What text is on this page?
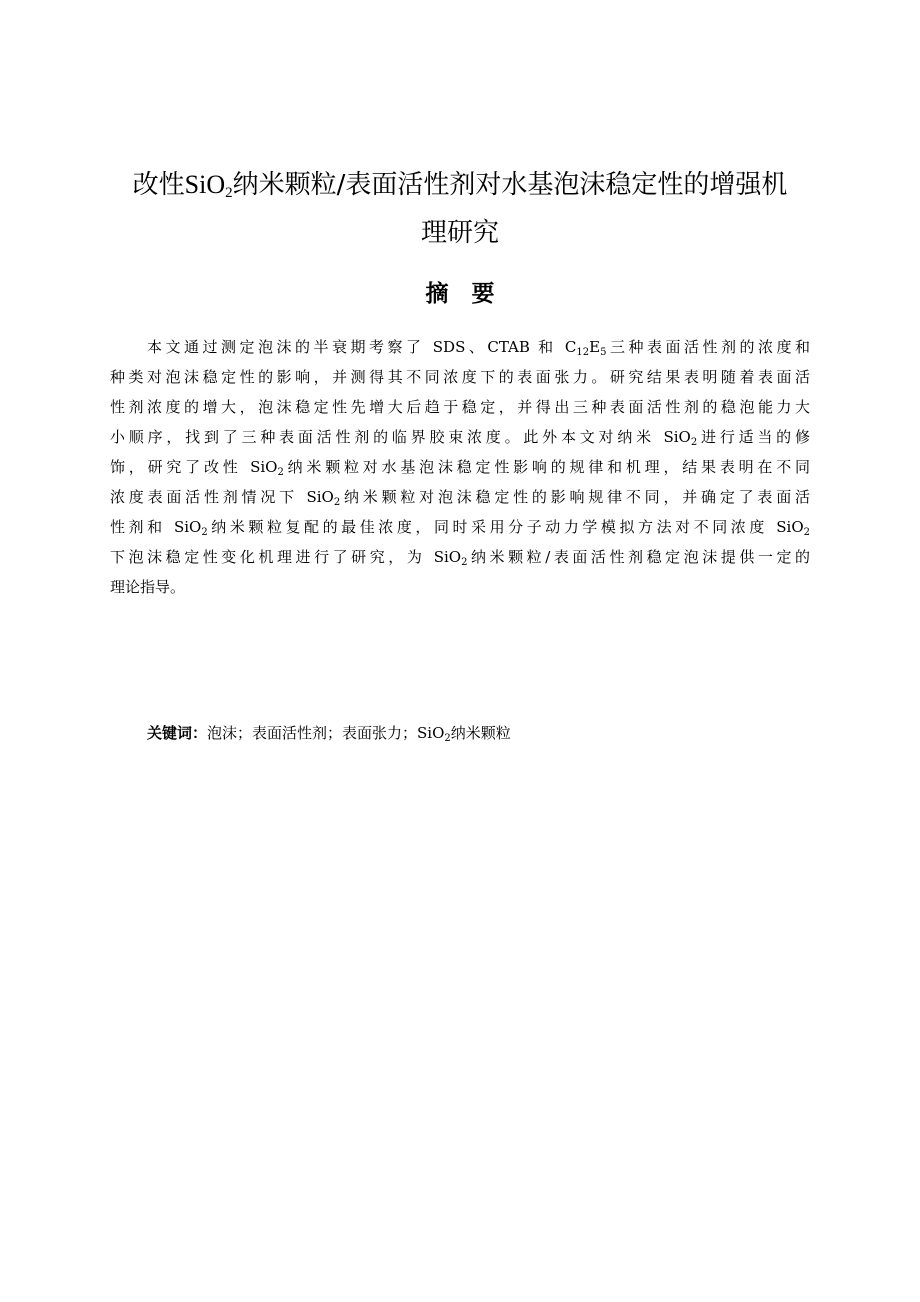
改性SiO$_2$纳米颗粒/表面活性剂对水基泡沫稳定性的增强机
理研究
摘　要
本文通过测定泡沫的半衰期考察了 SDS、CTAB 和 $C_{12}E_5$三种表面活性剂的浓度和
种类对泡沫稳定性的影响，并测得其不同浓度下的表面张力。研究结果表明随着表面活
性剂浓度的增大，泡沫稳定性先增大后趋于稳定，并得出三种表面活性剂的稳泡能力大
小顺序，找到了三种表面活性剂的临界胶束浓度。此外本文对纳米 SiO$_2$进行适当的修
饰，研究了改性 SiO$_2$纳米颗粒对水基泡沫稳定性影响的规律和机理，结果表明在不同
浓度表面活性剂情况下 SiO$_2$纳米颗粒对泡沫稳定性的影响规律不同，并确定了表面活
性剂和 SiO$_2$纳米颗粒复配的最佳浓度，同时采用分子动力学模拟方法对不同浓度 SiO$_2$
下泡沫稳定性变化机理进行了研究，为 SiO$_2$纳米颗粒/表面活性剂稳定泡沫提供一定的
理论指导。
关键词：泡沫；表面活性剂；表面张力；SiO$_2$纳米颗粒
